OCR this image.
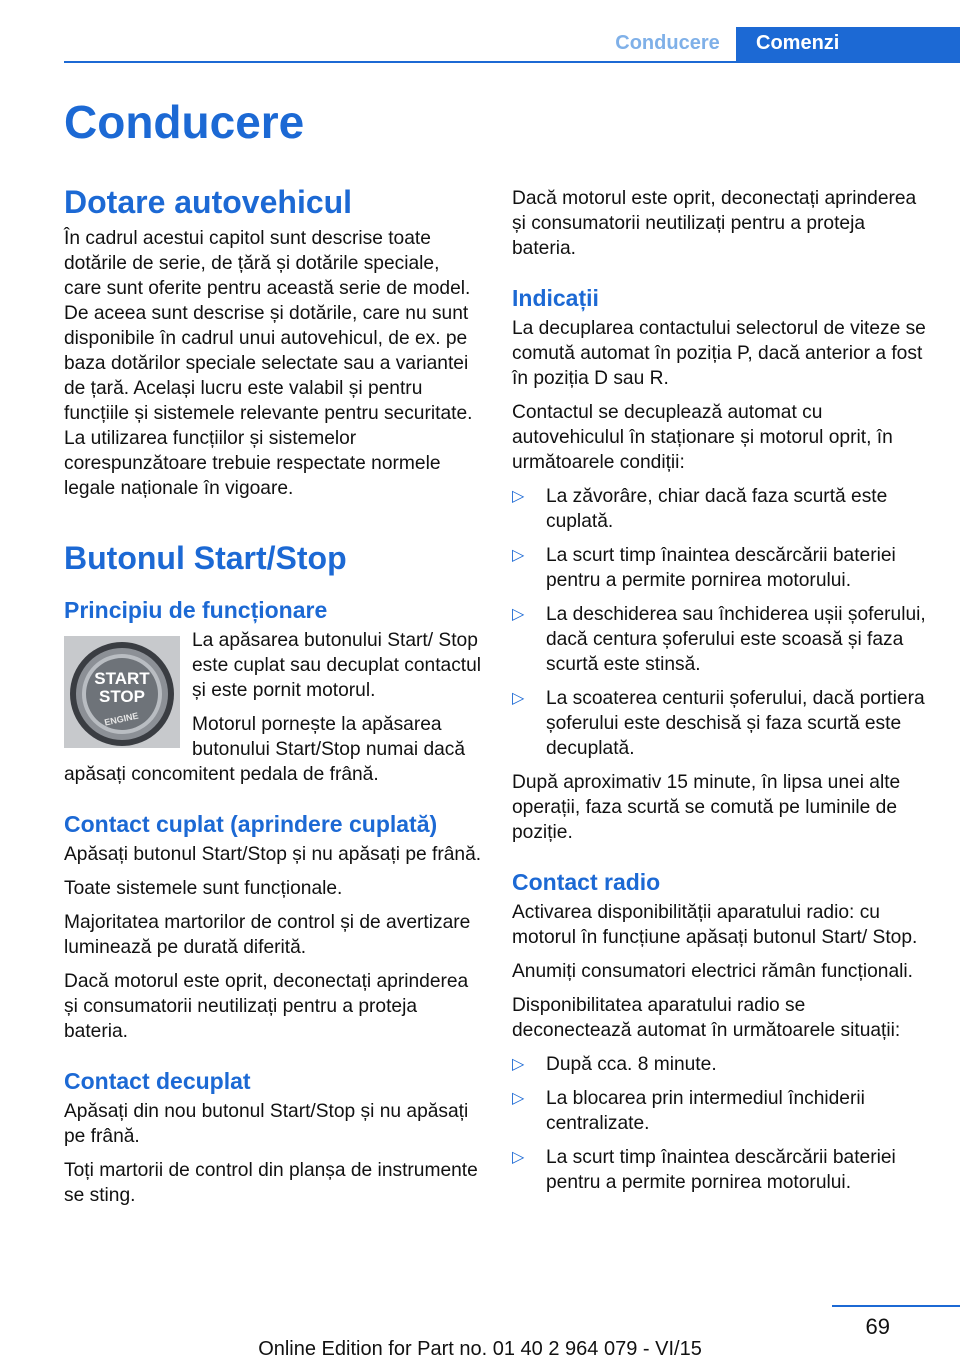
Conducere	Comenzi
Conducere
Dotare autovehicul

În cadrul acestui capitol sunt descrise toate dotările de serie, de țără și dotările speciale, care sunt oferite pentru această serie de model. De aceea sunt descrise și dotările, care nu sunt disponibile în cadrul unui autovehicul, de ex. pe baza dotărilor speciale selectate sau a variantei de țară. Același lucru este valabil și pentru funcțiile și sistemele relevante pentru securitate. La utilizarea funcțiilor și sistemelor corespunzătoare trebuie respectate normele legale naționale în vigoare.

Butonul Start/Stop
Principiu de funcționare
START
STOP
ENGINE

La apăsarea butonului Start/ Stop este cuplat sau decuplat contactul și este pornit motorul.

Motorul pornește la apăsarea butonului Start/Stop numai dacă apăsați concomitent pedala de frână.

Contact cuplat (aprindere cuplată)

Apăsați butonul Start/Stop și nu apăsați pe frână.

Toate sistemele sunt funcționale.

Majoritatea martorilor de control și de avertizare luminează pe durată diferită.

Dacă motorul este oprit, deconectați aprinderea și consumatorii neutilizați pentru a proteja bateria.

Contact decuplat

Apăsați din nou butonul Start/Stop și nu apăsați pe frână.

Toți martorii de control din planșa de instrumente se sting.

Dacă motorul este oprit, deconectați aprinderea și consumatorii neutilizați pentru a proteja bateria.

Indicații

La decuplarea contactului selectorul de viteze se comută automat în poziția P, dacă anterior a fost în poziția D sau R.

Contactul se decuplează automat cu autovehiculul în staționare și motorul oprit, în următoarele condiții:

▷ La zăvorâre, chiar dacă faza scurtă este cuplată.
▷ La scurt timp înaintea descărcării bateriei pentru a permite pornirea motorului.
▷ La deschiderea sau închiderea ușii șoferului, dacă centura șoferului este scoasă și faza scurtă este stinsă.
▷ La scoaterea centurii șoferului, dacă portiera șoferului este deschisă și faza scurtă este decuplată.

După aproximativ 15 minute, în lipsa unei alte operații, faza scurtă se comută pe luminile de poziție.

Contact radio

Activarea disponibilității aparatului radio: cu motorul în funcțiune apăsați butonul Start/ Stop.

Anumiți consumatori electrici rămân funcționali.

Disponibilitatea aparatului radio se deconectează automat în următoarele situații:

▷ După cca. 8 minute.
▷ La blocarea prin intermediul închiderii centralizate.
▷ La scurt timp înaintea descărcării bateriei pentru a permite pornirea motorului.
69
Online Edition for Part no. 01 40 2 964 079 - VI/15
